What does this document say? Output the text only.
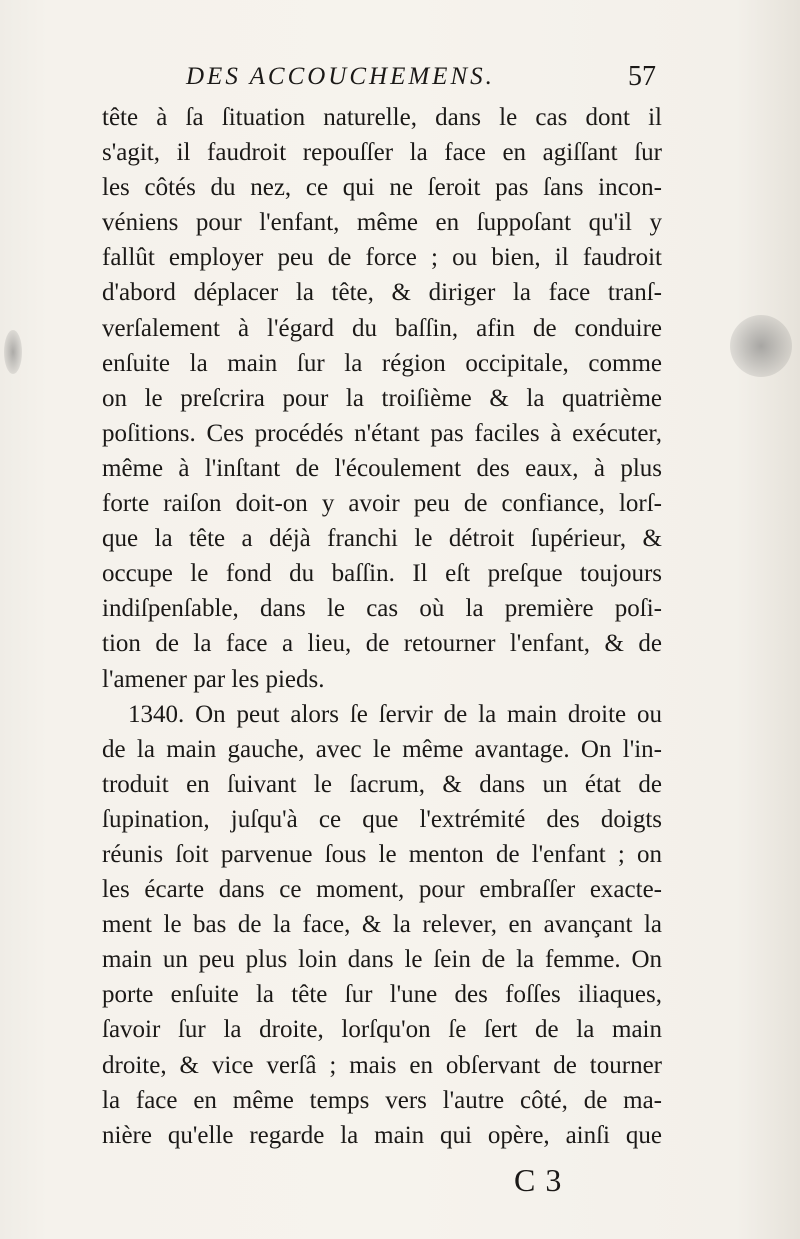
DES ACCOUCHEMENS.	57
tête à ſa ſituation naturelle, dans le cas dont il
s'agit, il faudroit repouſſer la face en agiſſant ſur
les côtés du nez, ce qui ne ſeroit pas ſans incon-
véniens pour l'enfant, même en ſuppoſant qu'il y
fallût employer peu de force ; ou bien, il faudroit
d'abord déplacer la tête, & diriger la face tranſ-
verſalement à l'égard du baſſin, afin de conduire
enſuite la main ſur la région occipitale, comme
on le preſcrira pour la troiſième & la quatrième
poſitions. Ces procédés n'étant pas faciles à exécuter,
même à l'inſtant de l'écoulement des eaux, à plus
forte raiſon doit-on y avoir peu de confiance, lorſ-
que la tête a déjà franchi le détroit ſupérieur, &
occupe le fond du baſſin. Il eſt preſque toujours
indiſpenſable, dans le cas où la première poſi-
tion de la face a lieu, de retourner l'enfant, & de
l'amener par les pieds.
1340. On peut alors ſe ſervir de la main droite ou
de la main gauche, avec le même avantage. On l'in-
troduit en ſuivant le ſacrum, & dans un état de
ſupination, juſqu'à ce que l'extrémité des doigts
réunis ſoit parvenue ſous le menton de l'enfant ; on
les écarte dans ce moment, pour embraſſer exacte-
ment le bas de la face, & la relever, en avançant la
main un peu plus loin dans le ſein de la femme. On
porte enſuite la tête ſur l'une des foſſes iliaques,
ſavoir ſur la droite, lorſqu'on ſe ſert de la main
droite, & vice verſâ ; mais en obſervant de tourner
la face en même temps vers l'autre côté, de ma-
nière qu'elle regarde la main qui opère, ainſi que
C 3
